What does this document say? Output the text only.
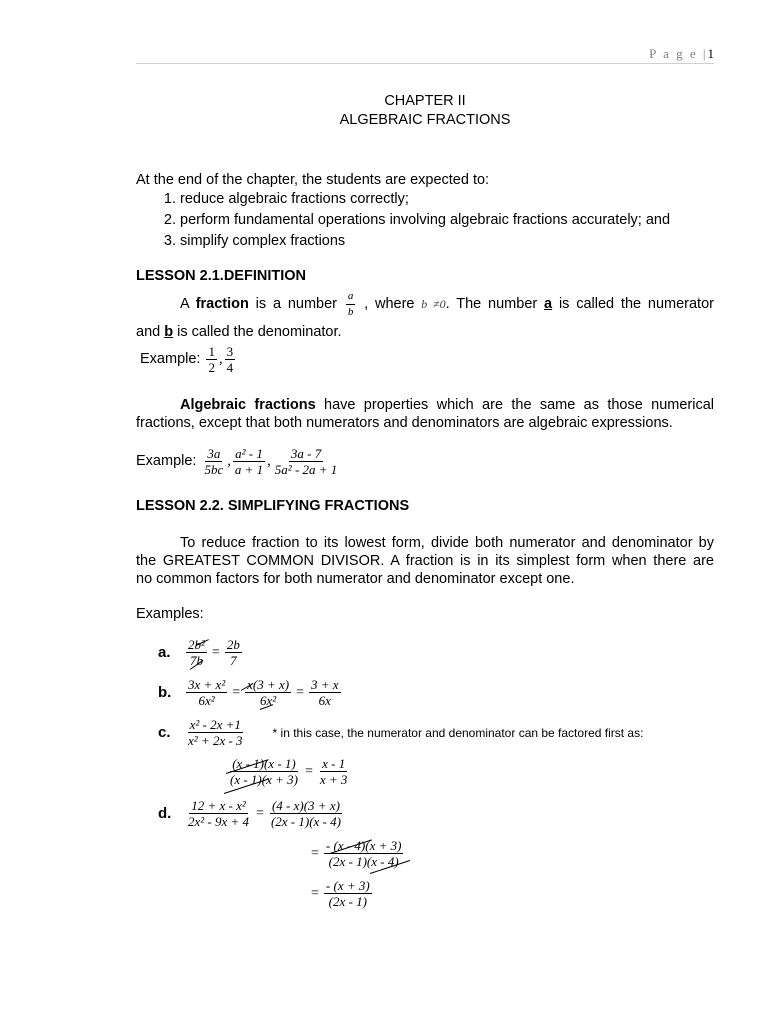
P a g e |1
CHAPTER II
ALGEBRAIC FRACTIONS
At the end of the chapter, the students are expected to:
1. reduce algebraic fractions correctly;
2. perform fundamental operations involving algebraic fractions accurately; and
3. simplify complex fractions
LESSON 2.1.DEFINITION
A fraction is a number $\frac{a}{b}$ , where b ≠0. The number a is called the numerator
and b is called the denominator.
Example: $\frac{1}{2}$ , $\frac{3}{4}$
Algebraic fractions have properties which are the same as those numerical
fractions, except that both numerators and denominators are algebraic expressions.
Example: $\frac{3a}{5bc}$ , $\frac{\text{a² - 1}}{a + 1}$ , $\frac{3a - 7}{\text{5a² - 2a + 1}}$
LESSON 2.2. SIMPLIFYING FRACTIONS
To reduce fraction to its lowest form, divide both numerator and denominator by
the GREATEST COMMON DIVISOR. A fraction is in its simplest form when there are
no common factors for both numerator and denominator except one.
Examples:
a.	$\frac{\text{2b²}}{7b} = \frac{2b}{7}$
b.	$\frac{\text{3x + x²}}{\text{6x²}} = \frac{x(3 + x)}{\text{6x²}} = \frac{3 + x}{6x}$
c.	$\frac{\text{x² - 2x +1}}{\text{x² + 2x - 3}}$ * in this case, the numerator and denominator can be factored first as:
$\frac{(x - 1)(x - 1)}{(x - 1)(x + 3)} = \frac{x - 1}{x + 3}$
d.	$\frac{\text{12 + x - x²}}{\text{2x² - 9x + 4}} = \frac{(4 - x)(3 + x)}{(2x - 1)(x - 4)}$
= $\frac{- (x - 4)(x + 3)}{(2x - 1)(x - 4)}$
= $\frac{- (x + 3)}{(2x - 1)}$
